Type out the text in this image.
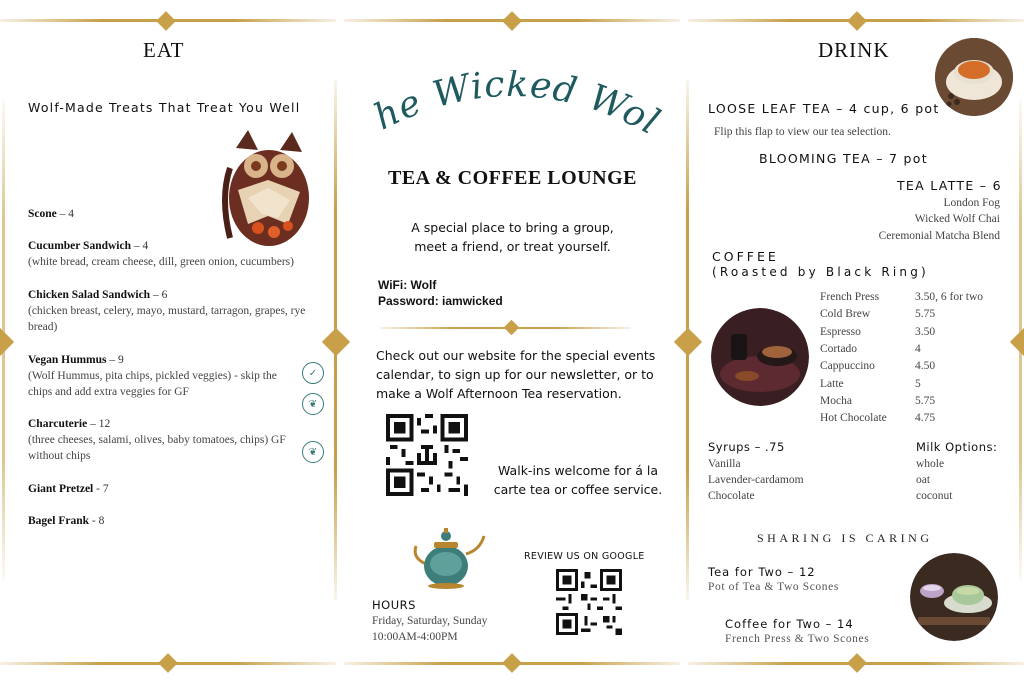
EAT
Wolf-Made Treats That Treat You Well
Scone – 4
Cucumber Sandwich – 4
(white bread, cream cheese, dill, green onion, cucumbers)
Chicken Salad Sandwich – 6
(chicken breast, celery, mayo, mustard, tarragon, grapes, rye bread)
Vegan Hummus – 9
(Wolf Hummus, pita chips, pickled veggies) - skip the chips and add extra veggies for GF
Charcuterie – 12
(three cheeses, salami, olives, baby tomatoes, chips) GF without chips
Giant Pretzel - 7
Bagel Frank - 8
✓
❦
❦
he Wicked Wo
TEA & COFFEE LOUNGE
A special place to bring a group,
meet a friend, or treat yourself.
WiFi: Wolf
Password: iamwicked
Check out our website for the special events
calendar, to sign up for our newsletter, or to
make a Wolf Afternoon Tea reservation.
Walk-ins welcome for á la
carte tea or coffee service.
HOURS
Friday, Saturday, Sunday
10:00AM-4:00PM
REVIEW US ON GOOGLE
DRINK
LOOSE LEAF TEA – 4 cup, 6 pot
Flip this flap to view our tea selection.
BLOOMING TEA – 7 pot
TEA LATTE – 6
London Fog
Wicked Wolf Chai
Ceremonial Matcha Blend
COFFEE
(Roasted by Black Ring)
French Press	3.50, 6 for two
Cold Brew	5.75
Espresso	3.50
Cortado	4
Cappuccino	4.50
Latte	5
Mocha	5.75
Hot Chocolate	4.75
Syrups – .75
Vanilla
Lavender-cardamom
Chocolate
Milk Options:
whole
oat
coconut
SHARING IS CARING
Tea for Two – 12
Pot of Tea & Two Scones
Coffee for Two – 14
French Press & Two Scones
